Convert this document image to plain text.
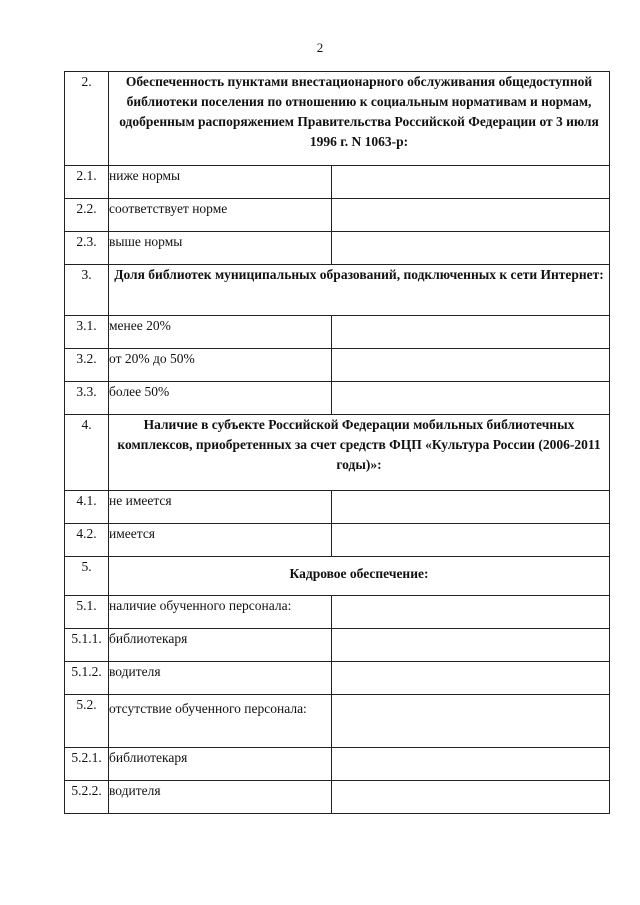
2
2.	Обеспеченность пунктами внестационарного обслуживания общедоступной библиотеки поселения по отношению к социальным нормативам и нормам, одобренным распоряжением Правительства Российской Федерации от 3 июля 1996 г. N 1063-р:	
2.1.	ниже нормы	
2.2.	соответствует норме	
2.3.	выше нормы	
3.	Доля библиотек муниципальных образований, подключенных к сети Интернет:	
3.1.	менее 20%	
3.2.	от 20% до 50%	
3.3.	более 50%	
4.	Наличие в субъекте Российской Федерации мобильных библиотечных комплексов, приобретенных за счет средств ФЦП «Культура России (2006-2011 годы)»:	
4.1.	не имеется	
4.2.	имеется	
5.	Кадровое обеспечение:	
5.1.	наличие обученного персонала:	
5.1.1.	библиотекаря	
5.1.2.	водителя	
5.2.	отсутствие обученного персонала:	
5.2.1.	библиотекаря	
5.2.2.	водителя	
